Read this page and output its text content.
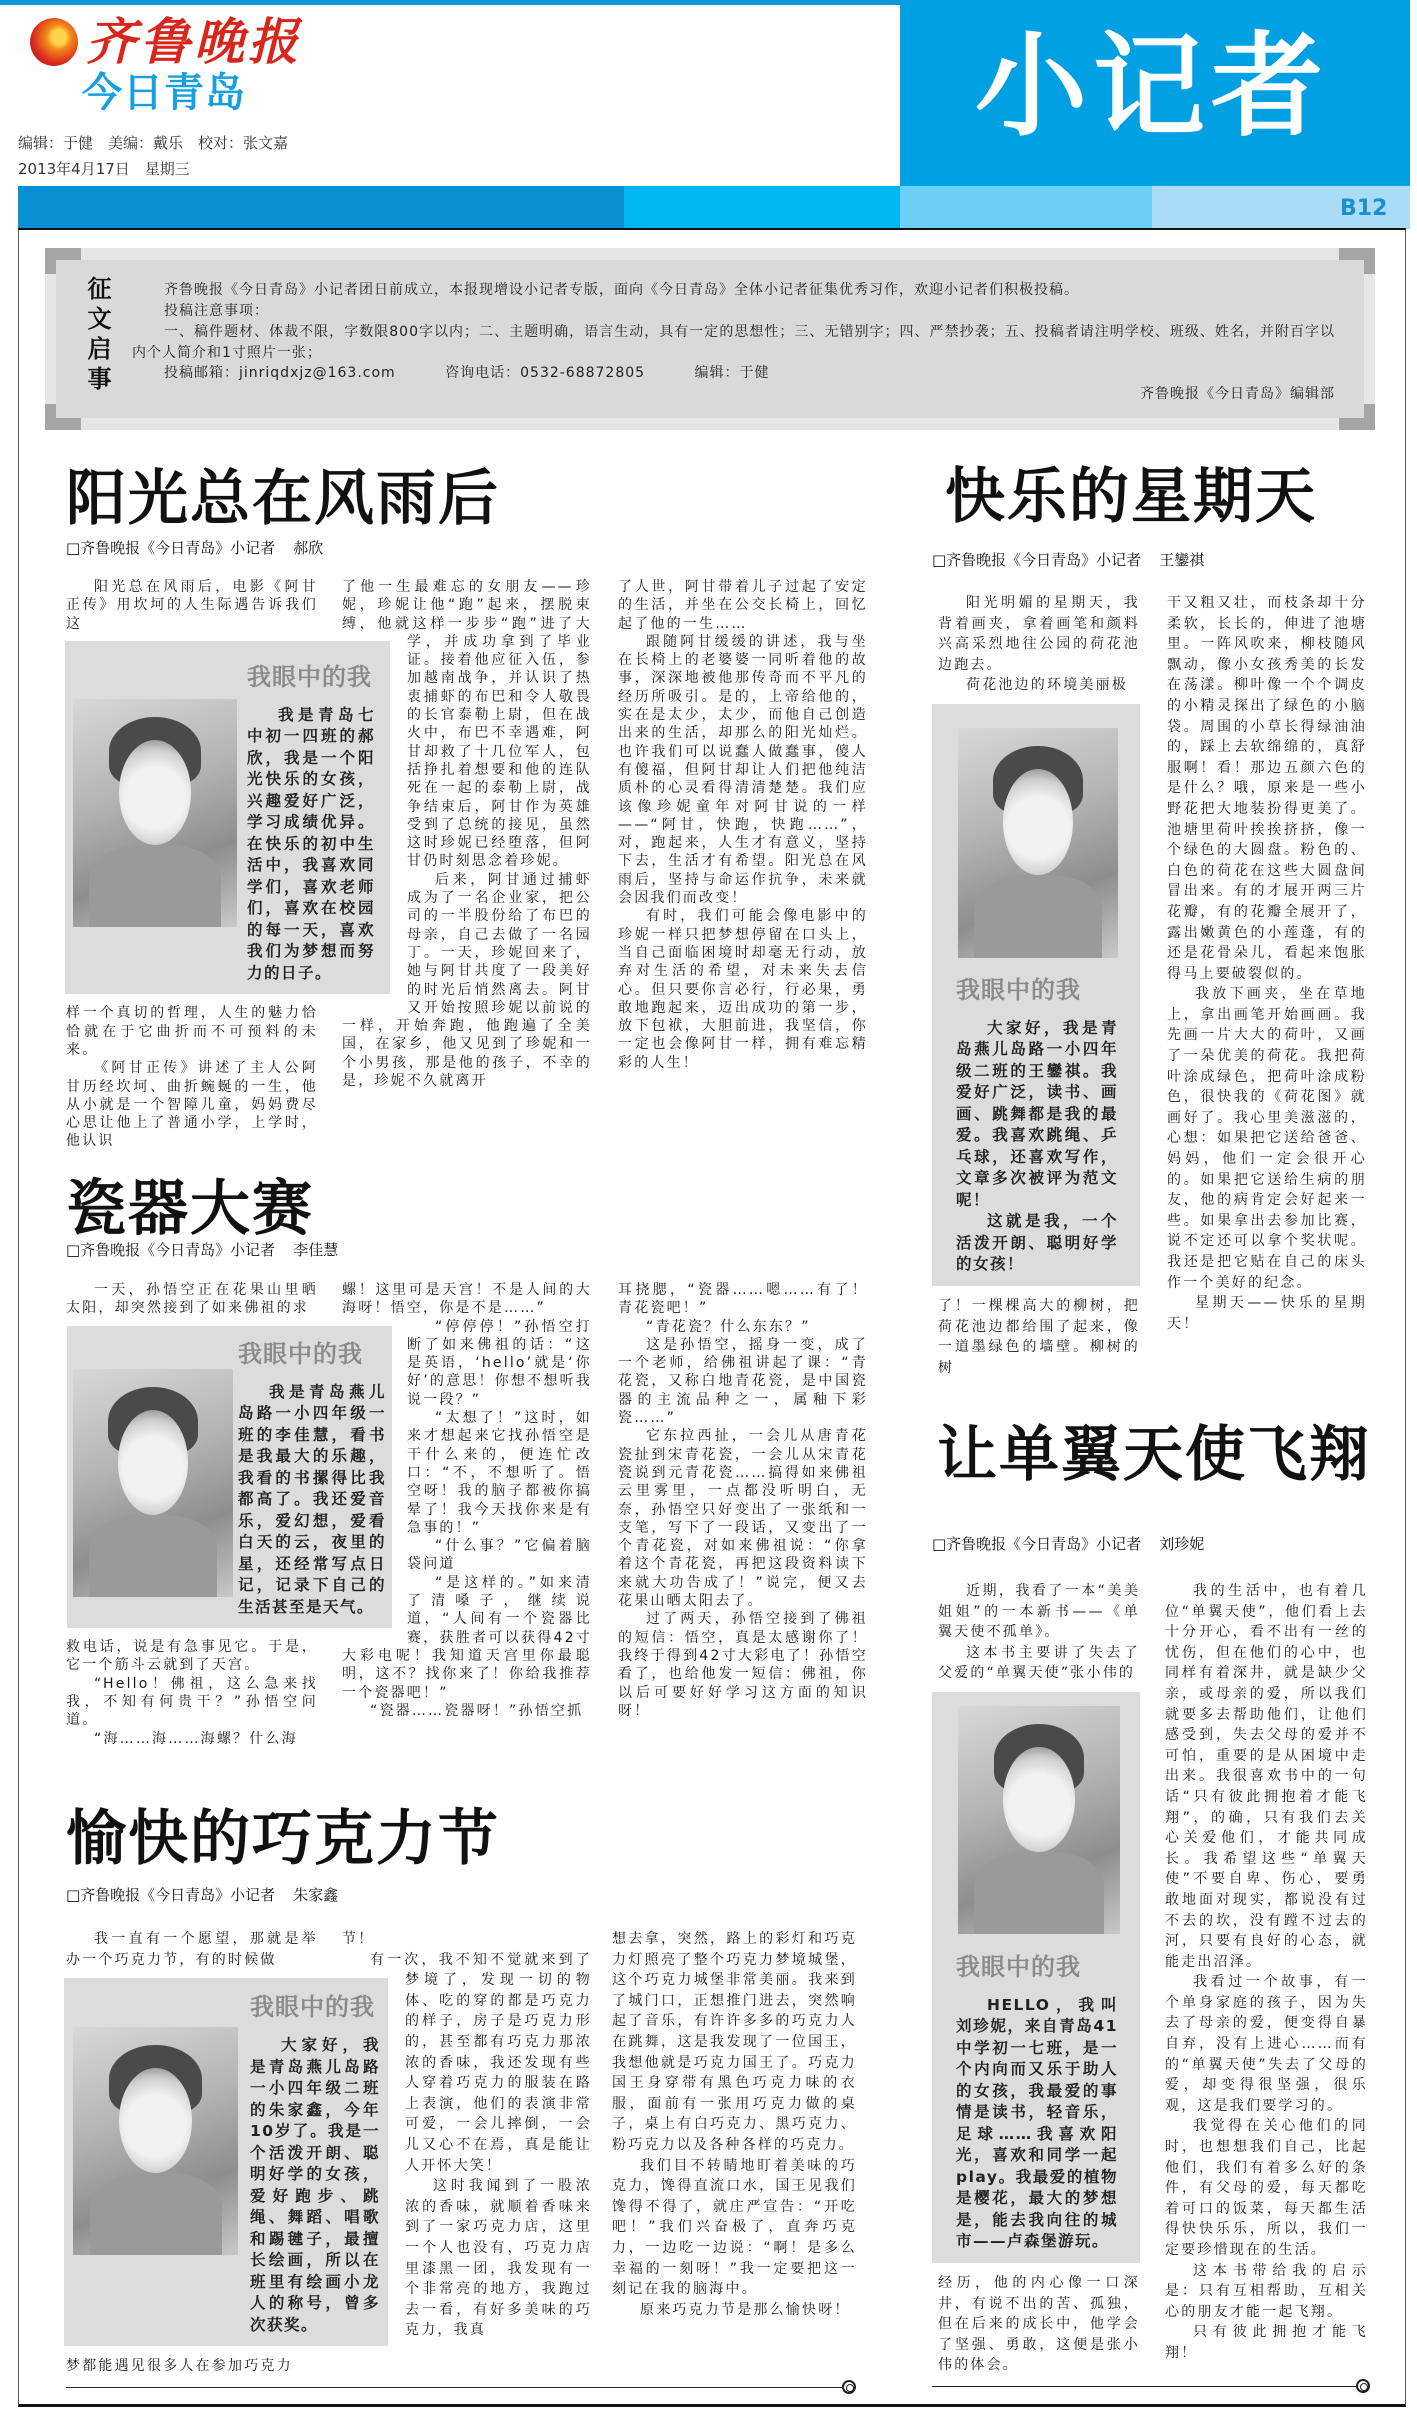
齐鲁晚报
今日青岛
编辑：于健　美编：戴乐　校对：张文嘉
2013年4月17日　星期三
小记者
B12
征文启事	齐鲁晚报《今日青岛》小记者团日前成立，本报现增设小记者专版，面向《今日青岛》全体小记者征集优秀习作，欢迎小记者们积极投稿。
投稿注意事项：
一、稿件题材、体裁不限，字数限800字以内；二、主题明确，语言生动，具有一定的思想性；三、无错别字；四、严禁抄袭；五、投稿者请注明学校、班级、姓名，并附百字以内个人简介和1寸照片一张；
投稿邮箱：jinriqdxjz@163.com	咨询电话：0532-68872805	编辑：于健
齐鲁晚报《今日青岛》编辑部
阳光总在风雨后
□齐鲁晚报《今日青岛》小记者 郝欣

阳光总在风雨后，电影《阿甘正传》用坎坷的人生际遇告诉我们这

我眼中的我

我是青岛七中初一四班的郝欣，我是一个阳光快乐的女孩，兴趣爱好广泛，学习成绩优异。在快乐的初中生活中，我喜欢同学们，喜欢老师们，喜欢在校园的每一天，喜欢我们为梦想而努力的日子。

样一个真切的哲理，人生的魅力恰恰就在于它曲折而不可预料的未来。

《阿甘正传》讲述了主人公阿甘历经坎坷、曲折蜿蜒的一生，他从小就是一个智障儿童，妈妈费尽心思让他上了普通小学，上学时，他认识

了他一生最难忘的女朋友——珍妮，珍妮让他“跑”起来，摆脱束缚，他就这样一步步“跑”进了大学，并成功拿到了毕业证。接着他应征入伍，参加越南战争，并认识了热衷捕虾的布巴和令人敬畏的长官泰勒上尉，但在战火中，布巴不幸遇难，阿甘却救了十几位军人，包括挣扎着想要和他的连队死在一起的泰勒上尉，战争结束后，阿甘作为英雄受到了总统的接见，虽然这时珍妮已经堕落，但阿甘仍时刻思念着珍妮。

后来，阿甘通过捕虾成为了一名企业家，把公司的一半股份给了布巴的母亲，自己去做了一名园丁。一天，珍妮回来了，她与阿甘共度了一段美好的时光后悄然离去。阿甘又开始按照珍妮以前说的一样，开始奔跑，他跑遍了全美国，在家乡，他又见到了珍妮和一个小男孩，那是他的孩子，不幸的是，珍妮不久就离开

了人世，阿甘带着儿子过起了安定的生活，并坐在公交长椅上，回忆起了他的一生……

跟随阿甘缓缓的讲述，我与坐在长椅上的老婆婆一同听着他的故事，深深地被他那传奇而不平凡的经历所吸引。是的，上帝给他的，实在是太少，太少，而他自己创造出来的生活，却那么的阳光灿烂。也许我们可以说蠢人做蠢事，傻人有傻福，但阿甘却让人们把他纯洁质朴的心灵看得清清楚楚。我们应该像珍妮童年对阿甘说的一样——“阿甘，快跑，快跑……”，对，跑起来，人生才有意义，坚持下去，生活才有希望。阳光总在风雨后，坚持与命运作抗争，未来就会因我们而改变！

有时，我们可能会像电影中的珍妮一样只把梦想停留在口头上，当自己面临困境时却毫无行动，放弃对生活的希望，对未来失去信心。但只要你言必行，行必果，勇敢地跑起来，迈出成功的第一步，放下包袱，大胆前进，我坚信，你一定也会像阿甘一样，拥有难忘精彩的人生！

瓷器大赛
□齐鲁晚报《今日青岛》小记者 李佳慧

一天，孙悟空正在花果山里晒太阳，却突然接到了如来佛祖的求

我眼中的我

我是青岛燕儿岛路一小四年级一班的李佳慧，看书是我最大的乐趣，我看的书摞得比我都高了。我还爱音乐，爱幻想，爱看白天的云，夜里的星，还经常写点日记，记录下自己的生活甚至是天气。

救电话，说是有急事见它。于是，它一个筋斗云就到了天宫。

“Hello！佛祖，这么急来找我，不知有何贵干？”孙悟空问道。

“海……海……海螺？什么海

螺！这里可是天宫！不是人间的大海呀！悟空，你是不是……”

“停停停！”孙悟空打断了如来佛祖的话：“这是英语，‘hello’就是‘你好’的意思！你想不想听我说一段？”

“太想了！”这时，如来才想起来它找孙悟空是干什么来的，便连忙改口：“不，不想听了。悟空呀！我的脑子都被你搞晕了！我今天找你来是有急事的！”

“什么事？”它偏着脑袋问道

“是这样的。”如来清了清嗓子，继续说道，“人间有一个瓷器比赛，获胜者可以获得42寸大彩电呢！我知道天宫里你最聪明，这不？找你来了！你给我推荐一个瓷器吧！”

“瓷器……瓷器呀！”孙悟空抓

耳挠腮，“瓷器……嗯……有了！青花瓷吧！”

“青花瓷？什么东东？”

这是孙悟空，摇身一变，成了一个老师，给佛祖讲起了课：“青花瓷，又称白地青花瓷，是中国瓷器的主流品种之一，属釉下彩瓷……”

它东拉西扯，一会儿从唐青花瓷扯到宋青花瓷，一会儿从宋青花瓷说到元青花瓷……搞得如来佛祖云里雾里，一点都没听明白，无奈，孙悟空只好变出了一张纸和一支笔，写下了一段话，又变出了一个青花瓷，对如来佛祖说：“你拿着这个青花瓷，再把这段资料读下来就大功告成了！”说完，便又去花果山晒太阳去了。

过了两天，孙悟空接到了佛祖的短信：悟空，真是太感谢你了！我终于得到42寸大彩电了！孙悟空看了，也给他发一短信：佛祖，你以后可要好好学习这方面的知识呀！

愉快的巧克力节
□齐鲁晚报《今日青岛》小记者 朱家鑫

我一直有一个愿望，那就是举办一个巧克力节，有的时候做

我眼中的我

大家好，我是青岛燕儿岛路一小四年级二班的朱家鑫，今年10岁了。我是一个活泼开朗、聪明好学的女孩，爱好跑步、跳绳、舞蹈、唱歌和踢毽子，最擅长绘画，所以在班里有绘画小龙人的称号，曾多次获奖。

梦都能遇见很多人在参加巧克力

节！

有一次，我不知不觉就来到了梦境了，发现一切的物体、吃的穿的都是巧克力的样子，房子是巧克力形的，甚至都有巧克力那浓浓的香味，我还发现有些人穿着巧克力的服装在路上表演，他们的表演非常可爱，一会儿摔倒，一会儿又心不在焉，真是能让人开怀大笑！

这时我闻到了一股浓浓的香味，就顺着香味来到了一家巧克力店，这里一个人也没有，巧克力店里漆黑一团，我发现有一个非常亮的地方，我跑过去一看，有好多美味的巧克力，我真

想去拿，突然，路上的彩灯和巧克力灯照亮了整个巧克力梦境城堡，这个巧克力城堡非常美丽。我来到了城门口，正想推门进去，突然响起了音乐，有许许多多的巧克力人在跳舞，这是我发现了一位国王，我想他就是巧克力国王了。巧克力国王身穿带有黑色巧克力味的衣服，面前有一张用巧克力做的桌子，桌上有白巧克力、黑巧克力、粉巧克力以及各种各样的巧克力。

我们目不转睛地盯着美味的巧克力，馋得直流口水，国王见我们馋得不得了，就庄严宣告：“开吃吧！”我们兴奋极了，直奔巧克力，一边吃一边说：“啊！是多么幸福的一刻呀！”我一定要把这一刻记在我的脑海中。

原来巧克力节是那么愉快呀！

快乐的星期天
□齐鲁晚报《今日青岛》小记者 王鑾祺

阳光明媚的星期天，我背着画夹，拿着画笔和颜料兴高采烈地往公园的荷花池边跑去。

荷花池边的环境美丽极

我眼中的我

大家好，我是青岛燕儿岛路一小四年级二班的王鑾祺。我爱好广泛，读书、画画、跳舞都是我的最爱。我喜欢跳绳、乒乓球，还喜欢写作，文章多次被评为范文呢！

这就是我，一个活泼开朗、聪明好学的女孩！

了！一棵棵高大的柳树，把荷花池边都给围了起来，像一道墨绿色的墙壁。柳树的树

干又粗又壮，而枝条却十分柔软，长长的，伸进了池塘里。一阵风吹来，柳枝随风飘动，像小女孩秀美的长发在荡漾。柳叶像一个个调皮的小精灵探出了绿色的小脑袋。周围的小草长得绿油油的，踩上去软绵绵的，真舒服啊！看！那边五颜六色的是什么？哦，原来是一些小野花把大地装扮得更美了。池塘里荷叶挨挨挤挤，像一个绿色的大圆盘。粉色的、白色的荷花在这些大圆盘间冒出来。有的才展开两三片花瓣，有的花瓣全展开了，露出嫩黄色的小莲蓬，有的还是花骨朵儿，看起来饱胀得马上要破裂似的。

我放下画夹，坐在草地上，拿出画笔开始画画。我先画一片大大的荷叶，又画了一朵优美的荷花。我把荷叶涂成绿色，把荷叶涂成粉色，很快我的《荷花图》就画好了。我心里美滋滋的，心想：如果把它送给爸爸、妈妈，他们一定会很开心的。如果把它送给生病的朋友，他的病肯定会好起来一些。如果拿出去参加比赛，说不定还可以拿个奖状呢。我还是把它贴在自己的床头作一个美好的纪念。

星期天——快乐的星期天！

让单翼天使飞翔
□齐鲁晚报《今日青岛》小记者 刘珍妮

近期，我看了一本“美美姐姐”的一本新书——《单翼天使不孤单》。

这本书主要讲了失去了父爱的“单翼天使”张小伟的

我眼中的我

HELLO，我叫刘珍妮，来自青岛41中学初一七班，是一个内向而又乐于助人的女孩，我最爱的事情是读书，轻音乐，足球……我喜欢阳光，喜欢和同学一起play。我最爱的植物是樱花，最大的梦想是，能去我向往的城市——卢森堡游玩。

经历，他的内心像一口深井，有说不出的苦、孤独，但在后来的成长中，他学会了坚强、勇敢，这便是张小伟的体会。

我的生活中，也有着几位“单翼天使”，他们看上去十分开心，看不出有一丝的忧伤，但在他们的心中，也同样有着深井，就是缺少父亲，或母亲的爱，所以我们就要多去帮助他们，让他们感受到，失去父母的爱并不可怕，重要的是从困境中走出来。我很喜欢书中的一句话“只有彼此拥抱着才能飞翔”，的确，只有我们去关心关爱他们，才能共同成长。我希望这些“单翼天使”不要自卑、伤心，要勇敢地面对现实，都说没有过不去的坎，没有蹚不过去的河，只要有良好的心态，就能走出沼泽。

我看过一个故事，有一个单身家庭的孩子，因为失去了母亲的爱，便变得自暴自弃，没有上进心……而有的“单翼天使”失去了父母的爱，却变得很坚强，很乐观，这是我们要学习的。

我觉得在关心他们的同时，也想想我们自己，比起他们，我们有着多么好的条件，有父母的爱，每天都吃着可口的饭菜，每天都生活得快快乐乐，所以，我们一定要珍惜现在的生活。

这本书带给我的启示是：只有互相帮助，互相关心的朋友才能一起飞翔。

只有彼此拥抱才能飞翔！
